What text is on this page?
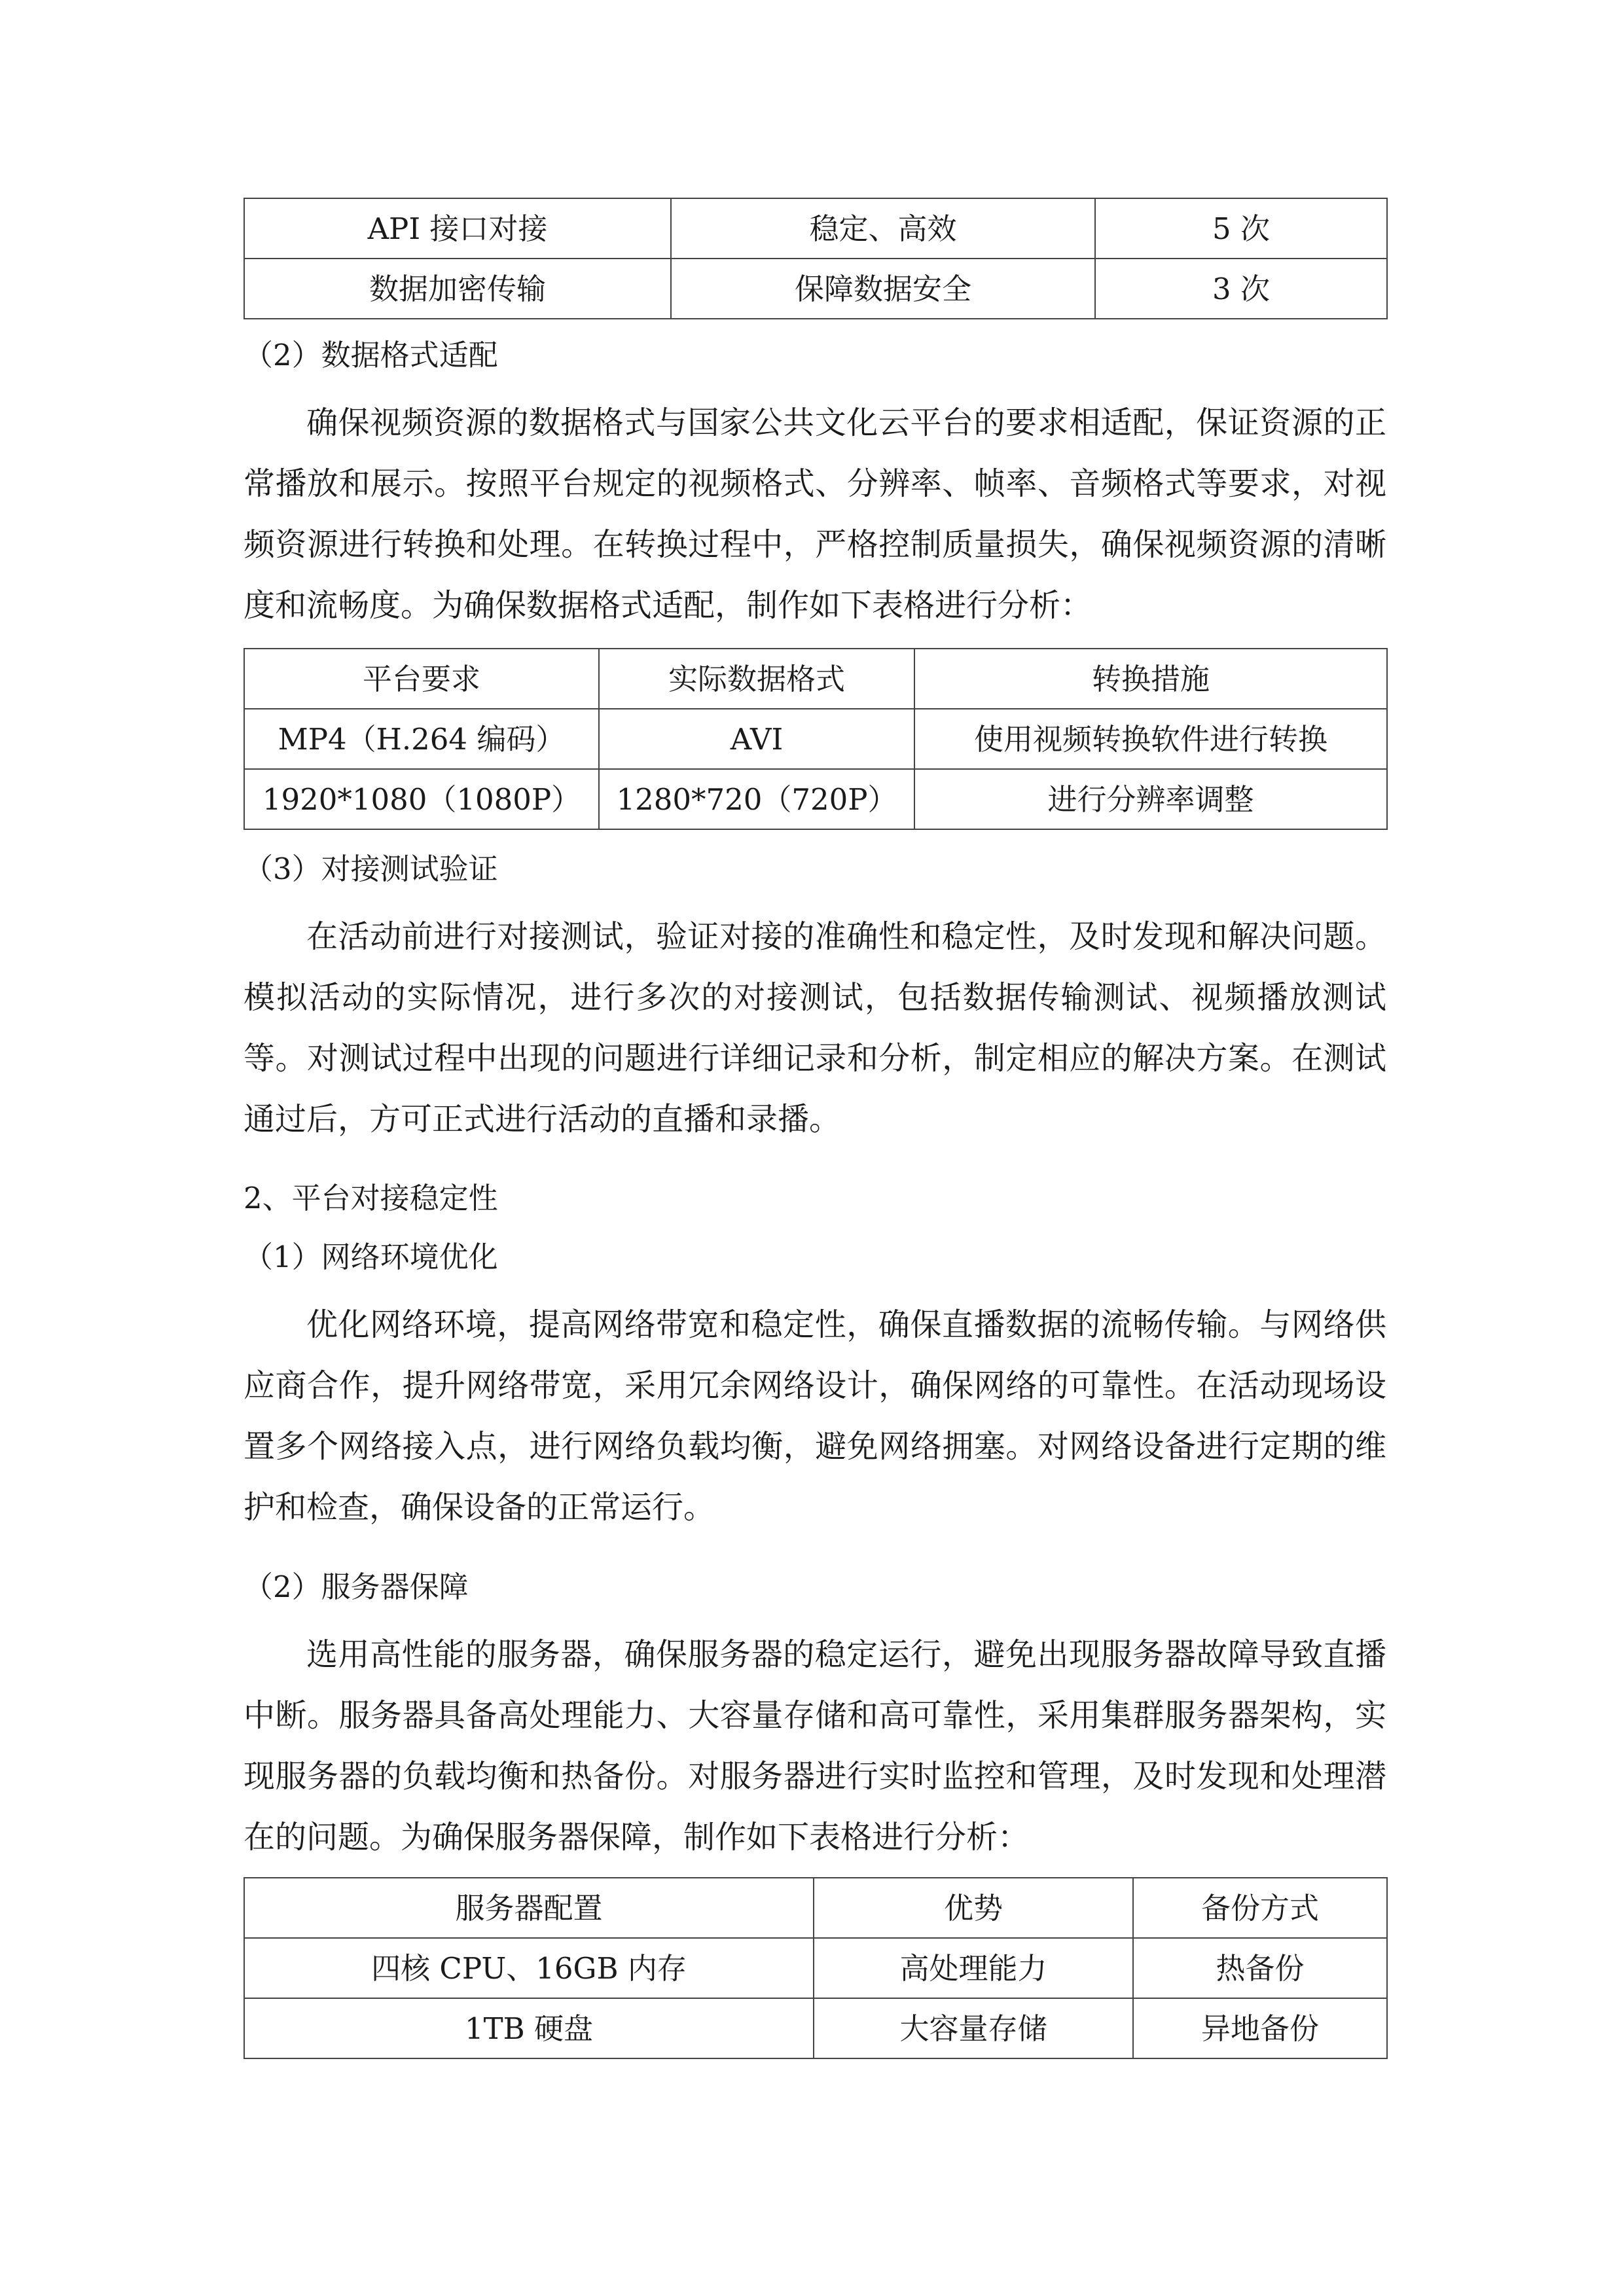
API 接口对接	稳定、高效	5 次
数据加密传输	保障数据安全	3 次
（2）数据格式适配
确保视频资源的数据格式与国家公共文化云平台的要求相适配，保证资源的正常播放和展示。按照平台规定的视频格式、分辨率、帧率、音频格式等要求，对视频资源进行转换和处理。在转换过程中，严格控制质量损失，确保视频资源的清晰度和流畅度。为确保数据格式适配，制作如下表格进行分析：
平台要求	实际数据格式	转换措施
MP4（H.264 编码）	AVI	使用视频转换软件进行转换
1920*1080（1080P）	1280*720（720P）	进行分辨率调整
（3）对接测试验证
在活动前进行对接测试，验证对接的准确性和稳定性，及时发现和解决问题。模拟活动的实际情况，进行多次的对接测试，包括数据传输测试、视频播放测试等。对测试过程中出现的问题进行详细记录和分析，制定相应的解决方案。在测试通过后，方可正式进行活动的直播和录播。
2、平台对接稳定性
（1）网络环境优化
优化网络环境，提高网络带宽和稳定性，确保直播数据的流畅传输。与网络供应商合作，提升网络带宽，采用冗余网络设计，确保网络的可靠性。在活动现场设置多个网络接入点，进行网络负载均衡，避免网络拥塞。对网络设备进行定期的维护和检查，确保设备的正常运行。
（2）服务器保障
选用高性能的服务器，确保服务器的稳定运行，避免出现服务器故障导致直播中断。服务器具备高处理能力、大容量存储和高可靠性，采用集群服务器架构，实现服务器的负载均衡和热备份。对服务器进行实时监控和管理，及时发现和处理潜在的问题。为确保服务器保障，制作如下表格进行分析：
服务器配置	优势	备份方式
四核 CPU、16GB 内存	高处理能力	热备份
1TB 硬盘	大容量存储	异地备份
